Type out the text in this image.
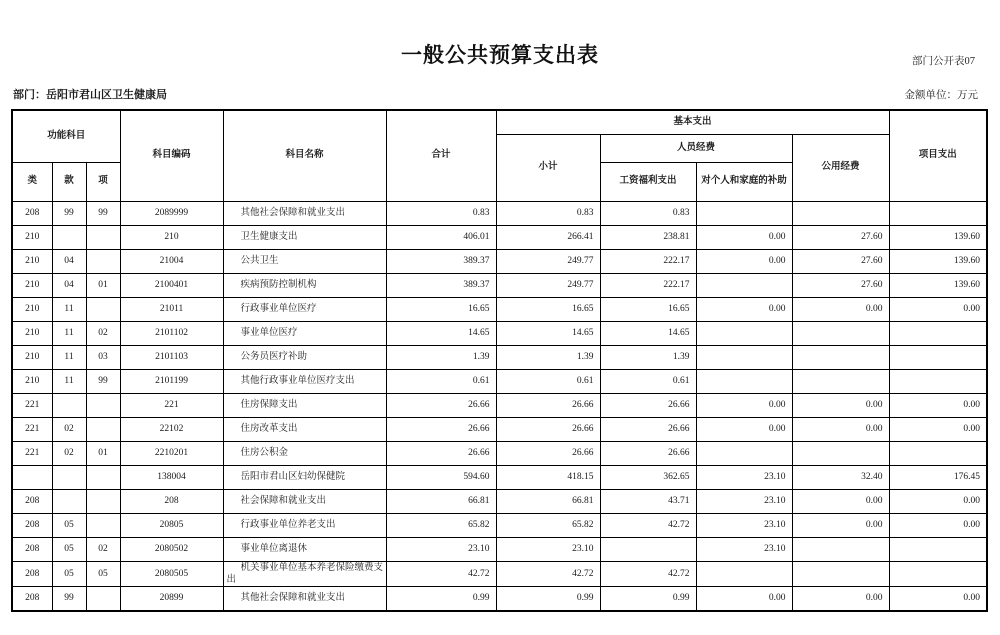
部门公开表07
一般公共预算支出表
部门：岳阳市君山区卫生健康局	金额单位：万元
功能科目			科目编码	科目名称	合计	基本支出				项目支出
						小计	人员经费		公用经费	
类	款	项					工资福利支出	对个人和家庭的补助		
208	99	99	2089999	其他社会保障和就业支出	0.83	0.83	0.83			
210			210	卫生健康支出	406.01	266.41	238.81	0.00	27.60	139.60
210	04		21004	公共卫生	389.37	249.77	222.17	0.00	27.60	139.60
210	04	01	2100401	疾病预防控制机构	389.37	249.77	222.17		27.60	139.60
210	11		21011	行政事业单位医疗	16.65	16.65	16.65	0.00	0.00	0.00
210	11	02	2101102	事业单位医疗	14.65	14.65	14.65			
210	11	03	2101103	公务员医疗补助	1.39	1.39	1.39			
210	11	99	2101199	其他行政事业单位医疗支出	0.61	0.61	0.61			
221			221	住房保障支出	26.66	26.66	26.66	0.00	0.00	0.00
221	02		22102	住房改革支出	26.66	26.66	26.66	0.00	0.00	0.00
221	02	01	2210201	住房公积金	26.66	26.66	26.66			
			138004	岳阳市君山区妇幼保健院	594.60	418.15	362.65	23.10	32.40	176.45
208			208	社会保障和就业支出	66.81	66.81	43.71	23.10	0.00	0.00
208	05		20805	行政事业单位养老支出	65.82	65.82	42.72	23.10	0.00	0.00
208	05	02	2080502	事业单位离退休	23.10	23.10		23.10		
208	05	05	2080505	机关事业单位基本养老保险缴费支出	42.72	42.72	42.72			
208	99		20899	其他社会保障和就业支出	0.99	0.99	0.99	0.00	0.00	0.00
